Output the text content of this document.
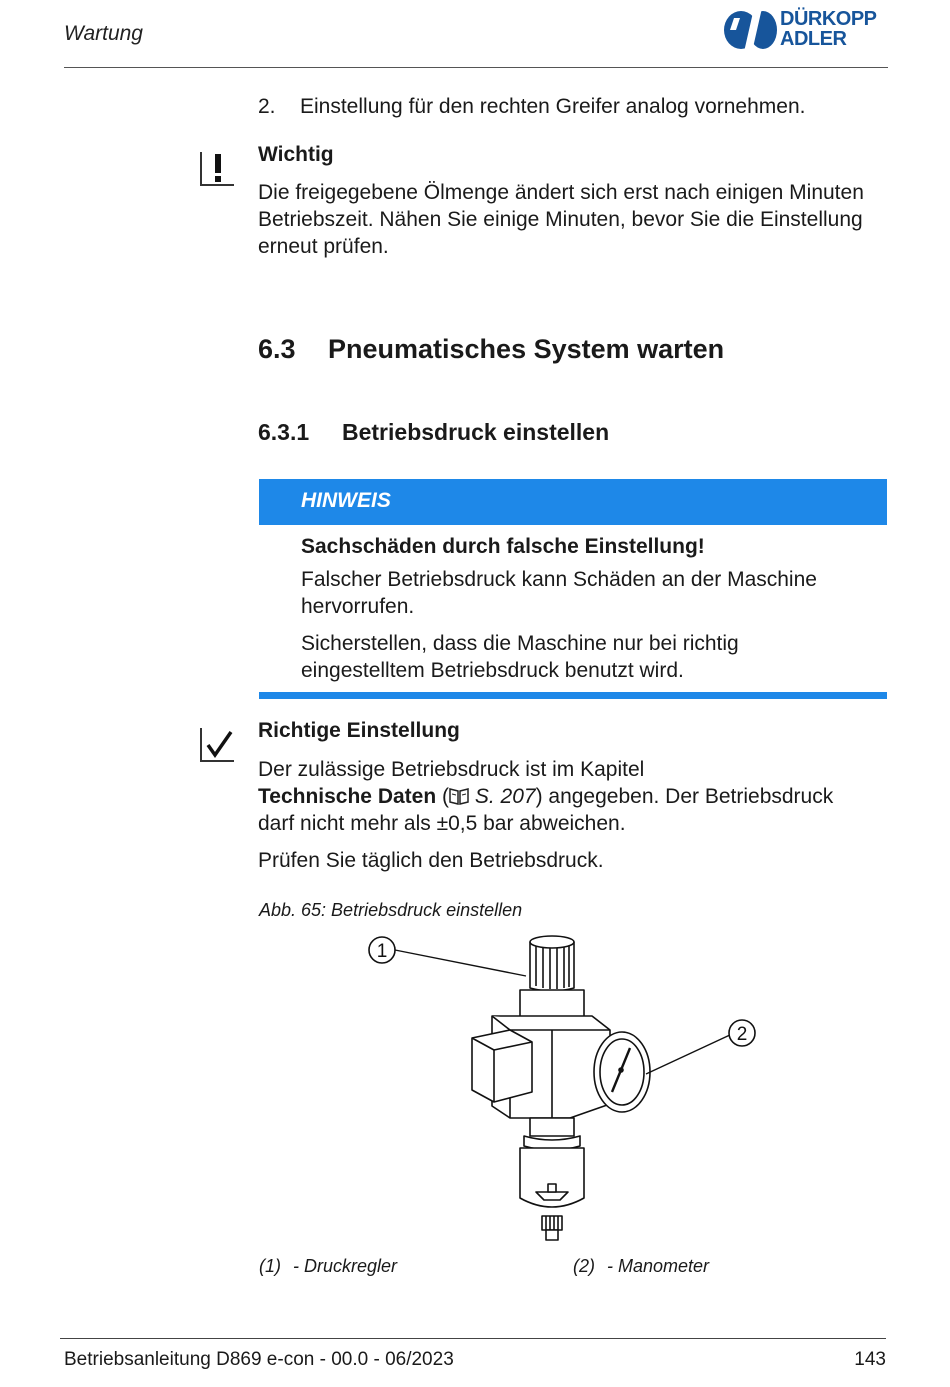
Wartung
DÜRKOPP
ADLER
2. Einstellung für den rechten Greifer analog vornehmen.
Wichtig
Die freigegebene Ölmenge ändert sich erst nach einigen Minuten
Betriebszeit. Nähen Sie einige Minuten, bevor Sie die Einstellung
erneut prüfen.
6.3 Pneumatisches System warten
6.3.1 Betriebsdruck einstellen
HINWEIS
Sachschäden durch falsche Einstellung!
Falscher Betriebsdruck kann Schäden an der Maschine
hervorrufen.
Sicherstellen, dass die Maschine nur bei richtig
eingestelltem Betriebsdruck benutzt wird.
Richtige Einstellung
Der zulässige Betriebsdruck ist im Kapitel
Technische Daten ( S. 207) angegeben. Der Betriebsdruck
darf nicht mehr als ±0,5 bar abweichen.
Prüfen Sie täglich den Betriebsdruck.
Abb. 65: Betriebsdruck einstellen
1
2
(1) - Druckregler	(2) - Manometer
Betriebsanleitung D869 e-con - 00.0 - 06/2023	143
